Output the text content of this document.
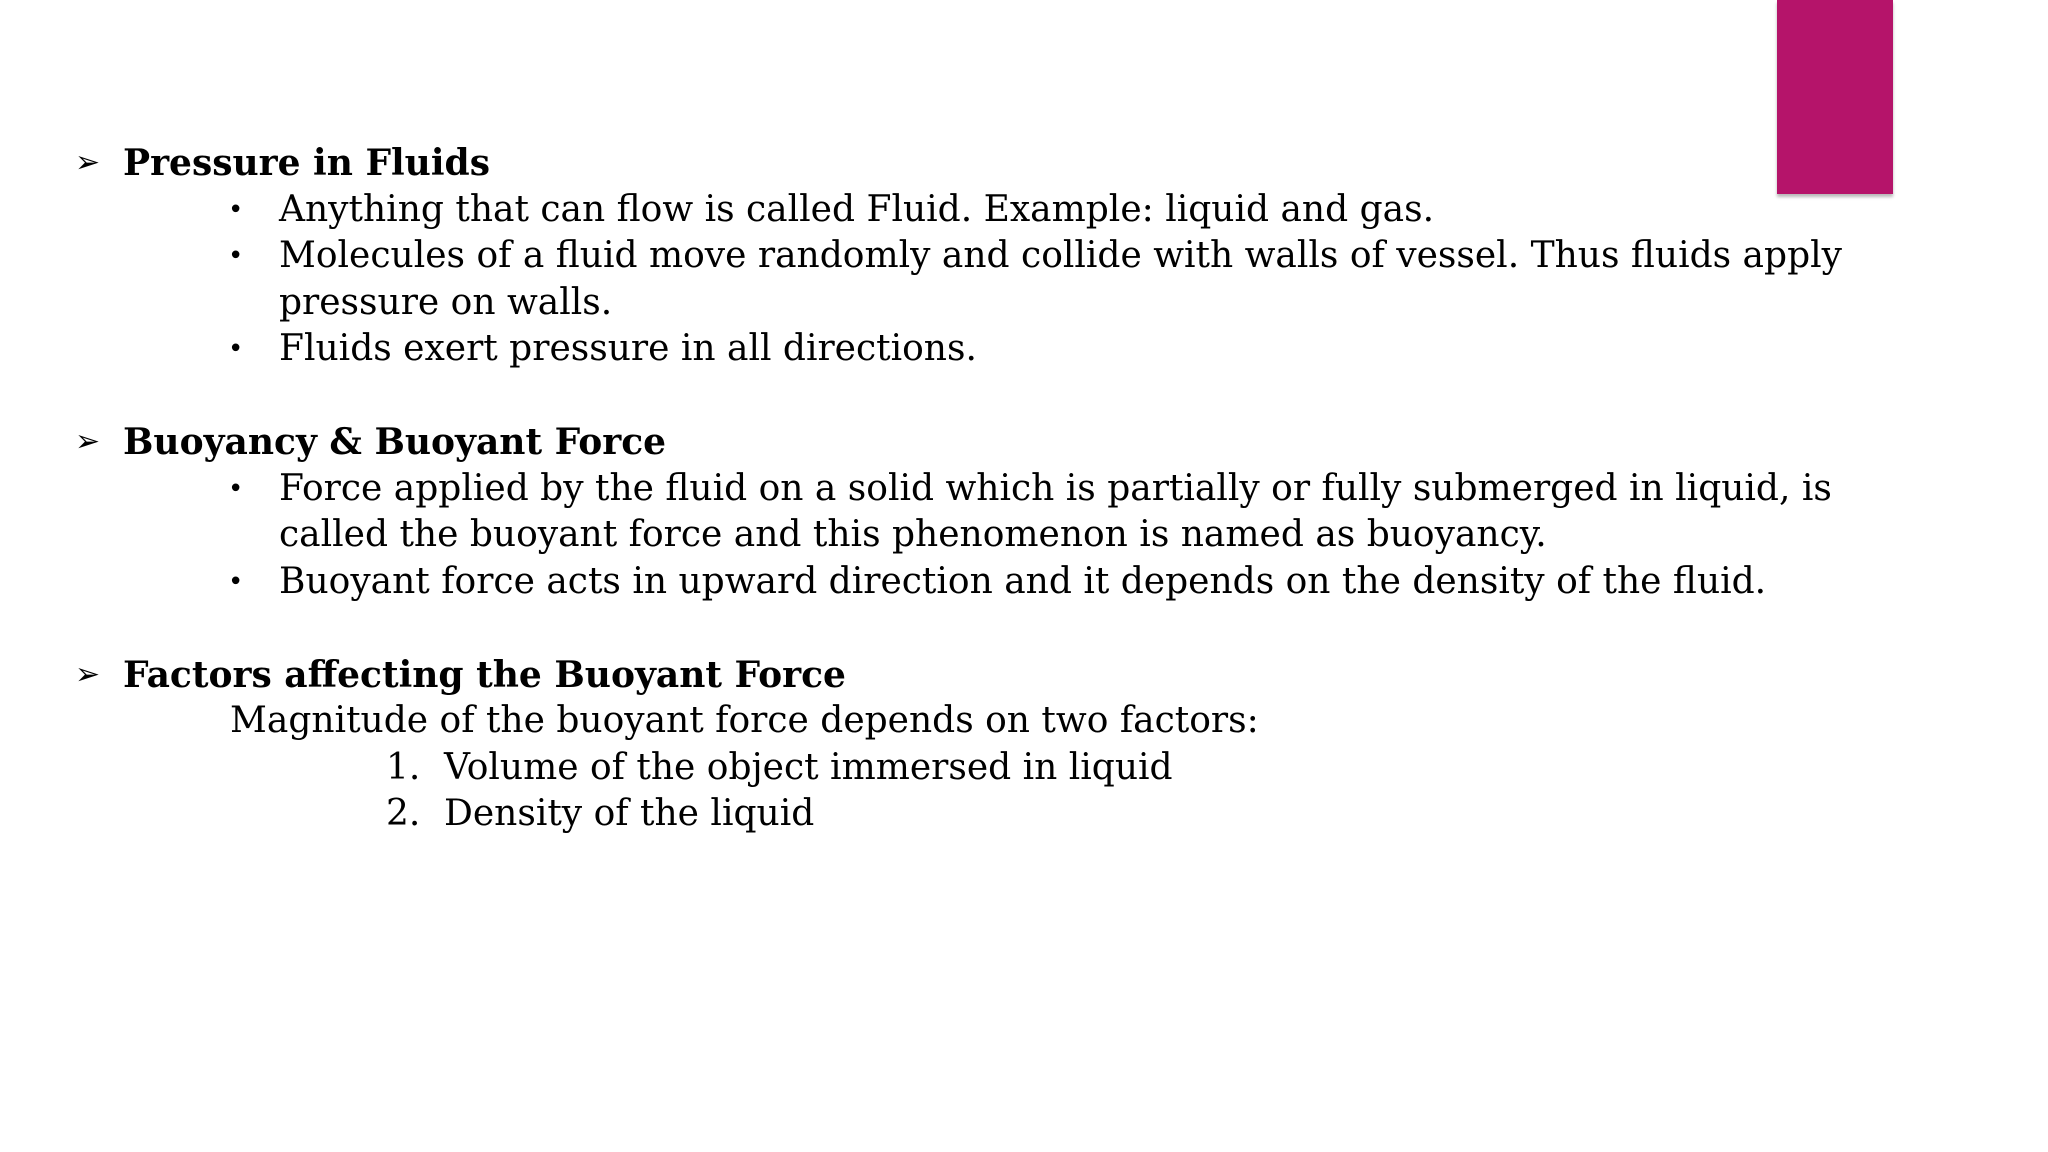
➢ Pressure in Fluids
• Anything that can flow is called Fluid. Example: liquid and gas.
• Molecules of a fluid move randomly and collide with walls of vessel. Thus fluids apply pressure on walls.
• Fluids exert pressure in all directions.
➢ Buoyancy & Buoyant Force
• Force applied by the fluid on a solid which is partially or fully submerged in liquid, is called the buoyant force and this phenomenon is named as buoyancy.
• Buoyant force acts in upward direction and it depends on the density of the fluid.
➢ Factors affecting the Buoyant Force
Magnitude of the buoyant force depends on two factors:
1. Volume of the object immersed in liquid
2. Density of the liquid
